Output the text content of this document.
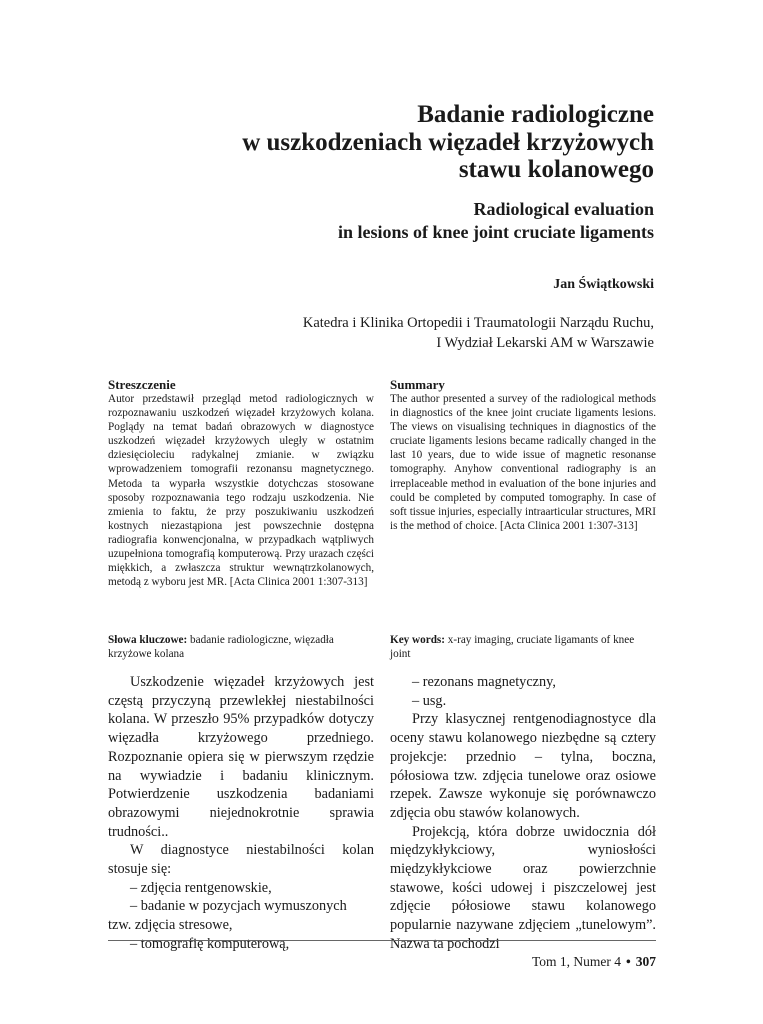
Badanie radiologiczne
w uszkodzeniach więzadeł krzyżowych
stawu kolanowego
Radiological evaluation
in lesions of knee joint cruciate ligaments
Jan Świątkowski
Katedra i Klinika Ortopedii i Traumatologii Narządu Ruchu,
I Wydział Lekarski AM w Warszawie
Streszczenie

Autor przedstawił przegląd metod radiologicznych w rozpoznawaniu uszkodzeń więzadeł krzyżowych kolana. Poglądy na temat badań obrazowych w diagnostyce uszkodzeń więzadeł krzyżowych uległy w ostatnim dziesięcioleciu radykalnej zmianie. w związku wprowadzeniem tomografii rezonansu magnetycznego. Metoda ta wyparła wszystkie dotychczas stosowane sposoby rozpoznawania tego rodzaju uszkodzenia. Nie zmienia to faktu, że przy poszukiwaniu uszkodzeń kostnych niezastąpiona jest powszechnie dostępna radiografia konwencjonalna, w przypadkach wątpliwych uzupełniona tomografią komputerową. Przy urazach części miękkich, a zwłaszcza struktur wewnątrzkolanowych, metodą z wyboru jest MR. [Acta Clinica 2001 1:307-313]

Summary

The author presented a survey of the radiological methods in diagnostics of the knee joint cruciate ligaments lesions. The views on visualising techniques in diagnostics of the cruciate ligaments lesions became radically changed in the last 10 years, due to wide issue of magnetic resonanse tomography. Anyhow conventional radiography is an irreplaceable method in evaluation of the bone injuries and could be completed by computed tomography. In case of soft tissue injuries, especially intraarticular structures, MRI is the method of choice. [Acta Clinica 2001 1:307-313]

Słowa kluczowe: badanie radiologiczne, więzadła krzyżowe kolana
Key words: x-ray imaging, cruciate ligamants of knee joint

Uszkodzenie więzadeł krzyżowych jest częstą przyczyną przewlekłej niestabilności kolana. W przeszło 95% przypadków dotyczy więzadła krzyżowego przedniego. Rozpoznanie opiera się w pierwszym rzędzie na wywiadzie i badaniu klinicznym. Potwierdzenie uszkodzenia badaniami obrazowymi niejednokrotnie sprawia trudności..

W diagnostyce niestabilności kolan stosuje się:

– zdjęcia rentgenowskie,

– badanie w pozycjach wymuszonych

tzw. zdjęcia stresowe,

– tomografię komputerową,

– rezonans magnetyczny,

– usg.

Przy klasycznej rentgenodiagnostyce dla oceny stawu kolanowego niezbędne są cztery projekcje: przednio – tylna, boczna, półosiowa tzw. zdjęcia tunelowe oraz osiowe rzepek. Zawsze wykonuje się porównawczo zdjęcia obu stawów kolanowych.

Projekcją, która dobrze uwidocznia dół międzykłykciowy, wyniosłości międzykłykciowe oraz powierzchnie stawowe, kości udowej i piszczelowej jest zdjęcie półosiowe stawu kolanowego popularnie nazywane zdjęciem „tunelowym”. Nazwa ta pochodzi

Tom 1, Numer 4 • 307
